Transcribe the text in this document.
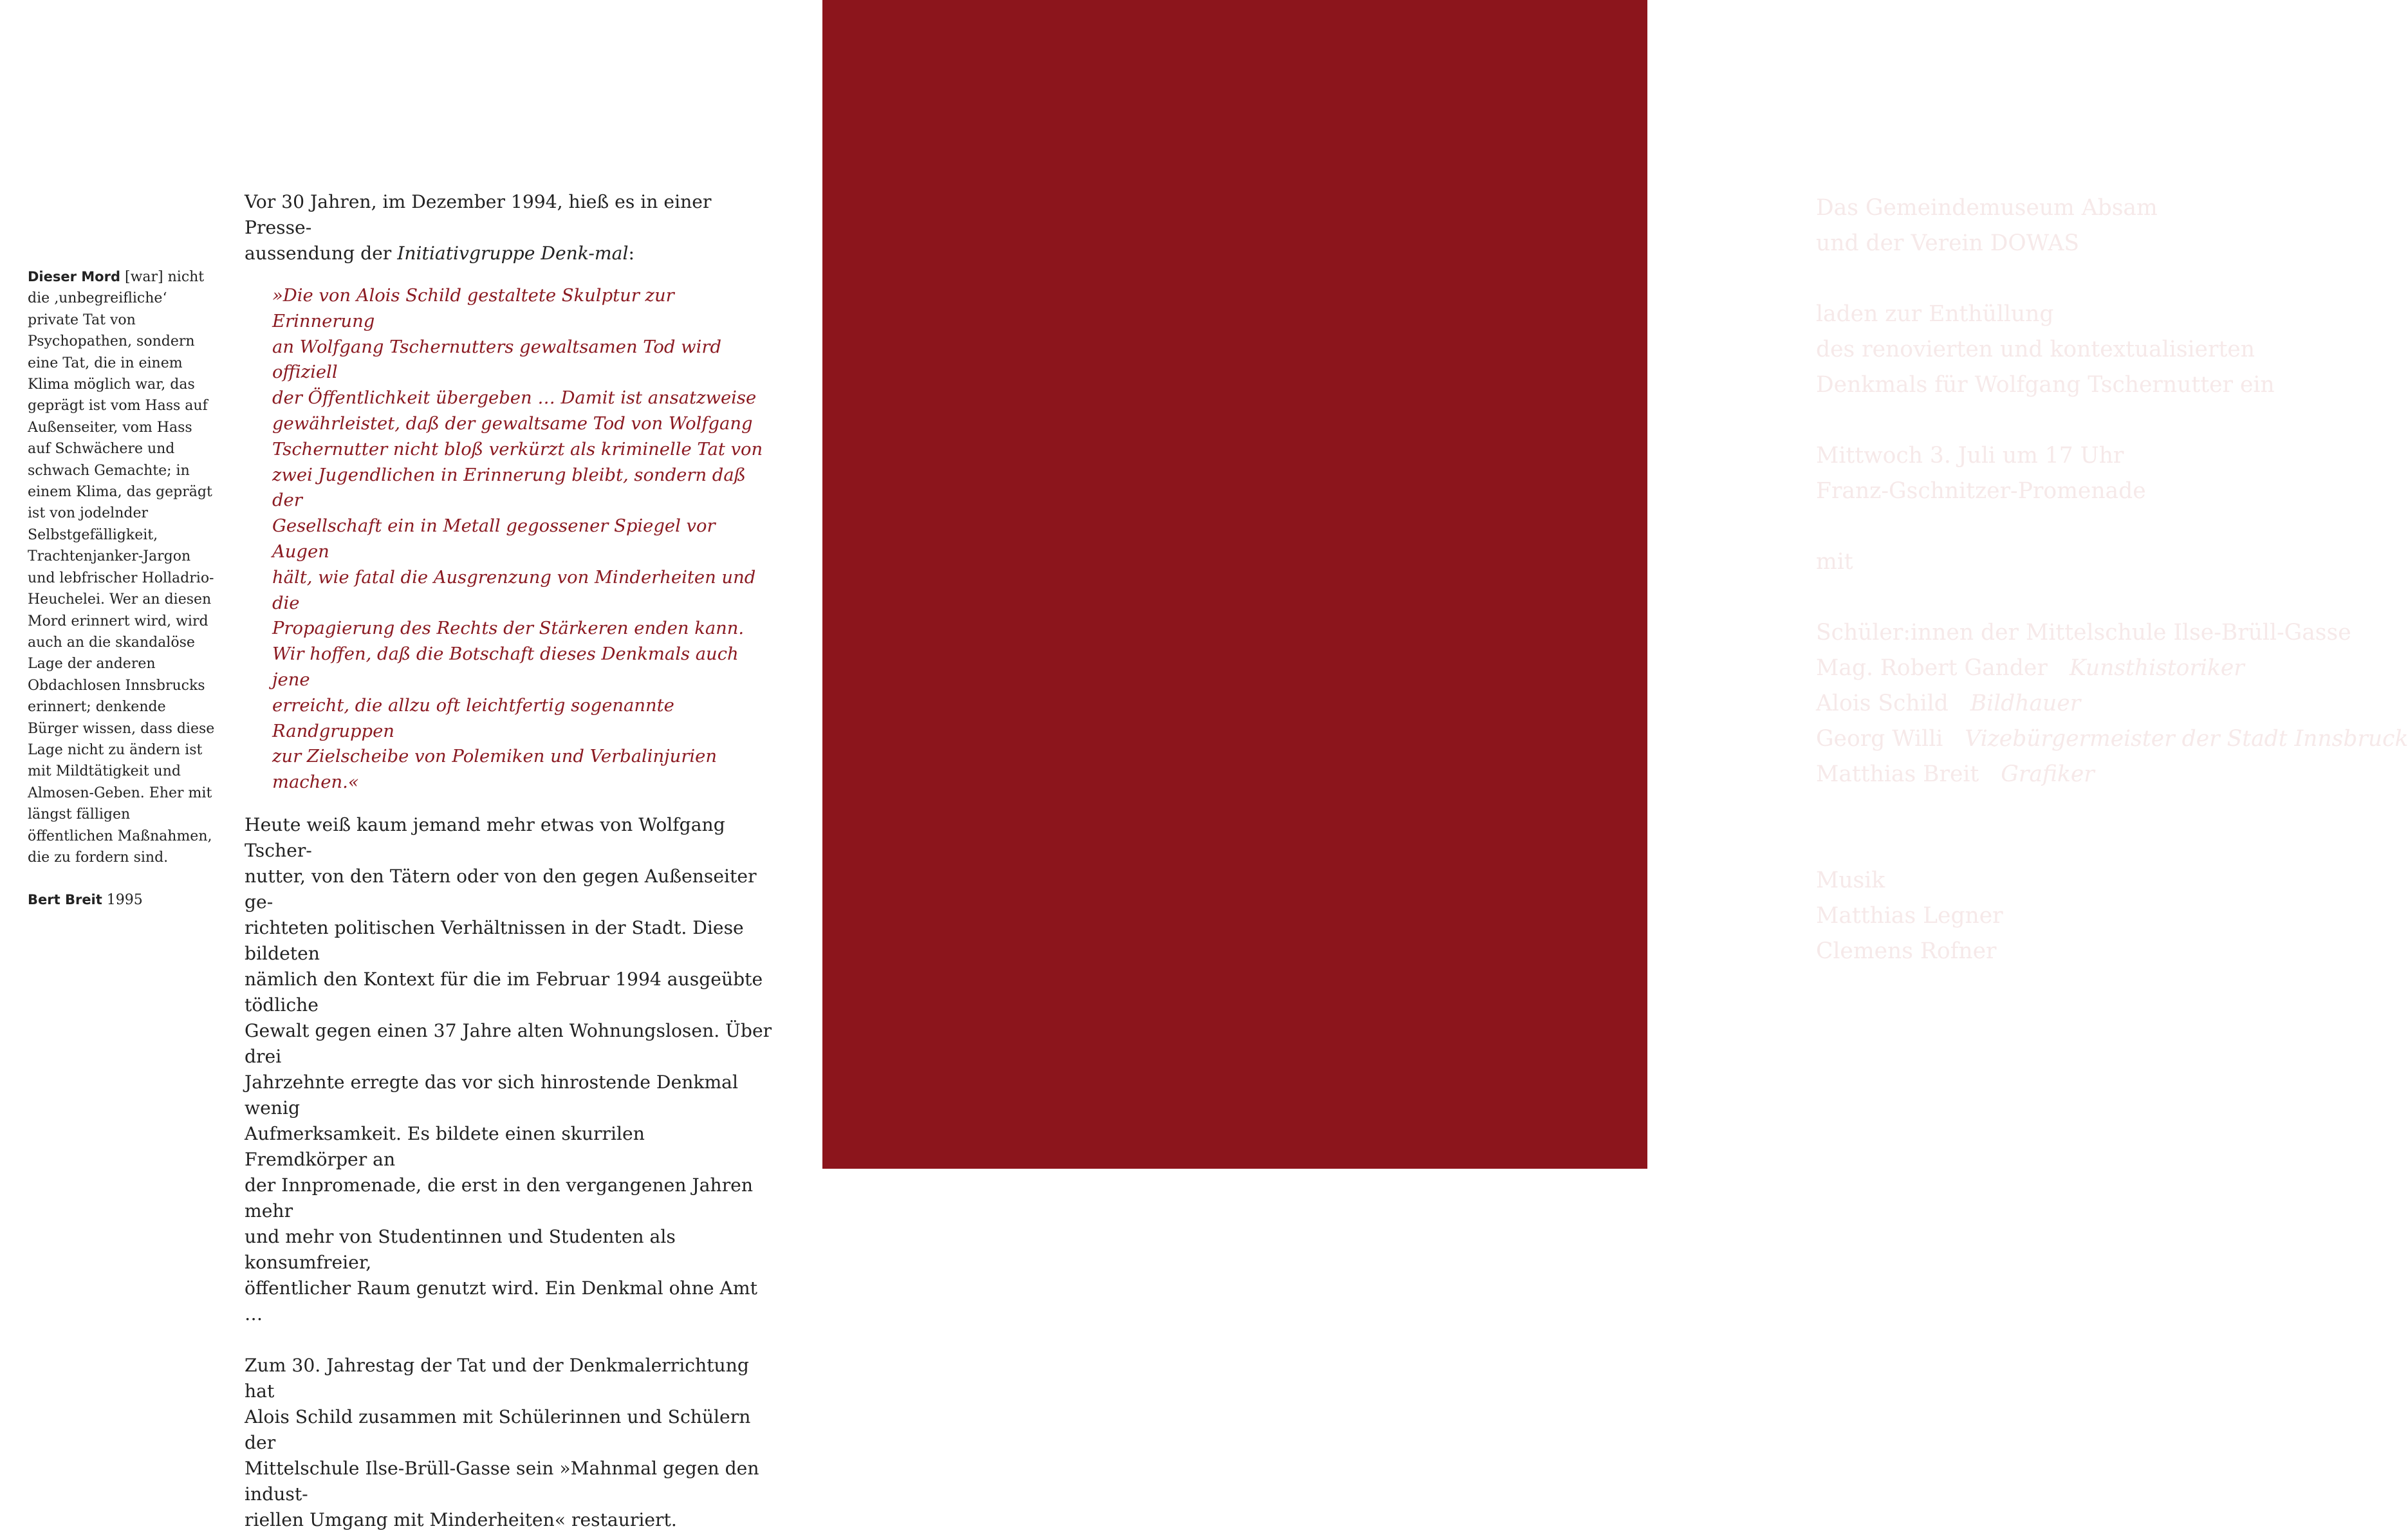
Dieser Mord [war] nicht die ‚unbegreifliche‘ private Tat von Psychopathen, sondern eine Tat, die in einem Klima möglich war, das geprägt ist vom Hass auf Außenseiter, vom Hass auf Schwächere und schwach Gemachte; in einem Klima, das geprägt ist von jodelnder Selbstgefälligkeit, Trachtenjanker-Jargon und lebfrischer Holladrio-Heuchelei. Wer an diesen Mord erinnert wird, wird auch an die skandalöse Lage der anderen Obdachlosen Innsbrucks erinnert; denkende Bürger wissen, dass diese Lage nicht zu ändern ist mit Mildtätigkeit und Almosen-Geben. Eher mit längst fälligen öffentlichen Maßnahmen, die zu fordern sind.
Bert Breit 1995

Vor 30 Jahren, im Dezember 1994, hieß es in einer Presse-
aussendung der Initiativgruppe Denk-mal:

»Die von Alois Schild gestaltete Skulptur zur Erinnerung
an Wolfgang Tschernutters gewaltsamen Tod wird offiziell
der Öffentlichkeit übergeben … Damit ist ansatzweise
gewährleistet, daß der gewaltsame Tod von Wolfgang
Tschernutter nicht bloß verkürzt als kriminelle Tat von
zwei Jugendlichen in Erinnerung bleibt, sondern daß der
Gesellschaft ein in Metall gegossener Spiegel vor Augen
hält, wie fatal die Ausgrenzung von Minderheiten und die
Propagierung des Rechts der Stärkeren enden kann.
Wir hoffen, daß die Botschaft dieses Denkmals auch jene
erreicht, die allzu oft leichtfertig sogenannte Randgruppen
zur Zielscheibe von Polemiken und Verbalinjurien machen.«

Heute weiß kaum jemand mehr etwas von Wolfgang Tscher-
nutter, von den Tätern oder von den gegen Außenseiter ge-
richteten politischen Verhältnissen in der Stadt. Diese bildeten
nämlich den Kontext für die im Februar 1994 ausgeübte tödliche
Gewalt gegen einen 37 Jahre alten Wohnungslosen. Über drei
Jahrzehnte erregte das vor sich hinrostende Denkmal wenig
Aufmerksamkeit. Es bildete einen skurrilen Fremdkörper an
der Innpromenade, die erst in den vergangenen Jahren mehr
und mehr von Studentinnen und Studenten als konsumfreier,
öffentlicher Raum genutzt wird. Ein Denkmal ohne Amt …

Zum 30. Jahrestag der Tat und der Denkmalerrichtung hat
Alois Schild zusammen mit Schülerinnen und Schülern der
Mittelschule Ilse-Brüll-Gasse sein »Mahnmal gegen den indust-
riellen Umgang mit Minderheiten« restauriert.

Das Gemeindemuseum Absam
und der Verein DOWAS
laden zur Enthüllung
des renovierten und kontextualisierten
Denkmals für Wolfgang Tschernutter ein
Mittwoch 3. Juli um 17 Uhr
Franz-Gschnitzer-Promenade
mit
Schüler:innen der Mittelschule Ilse-Brüll-Gasse
Mag. Robert Gander Kunsthistoriker
Alois Schild Bildhauer
Georg Willi Vizebürgermeister der Stadt Innsbruck
Matthias Breit Grafiker
Musik
Matthias Legner
Clemens Rofner
